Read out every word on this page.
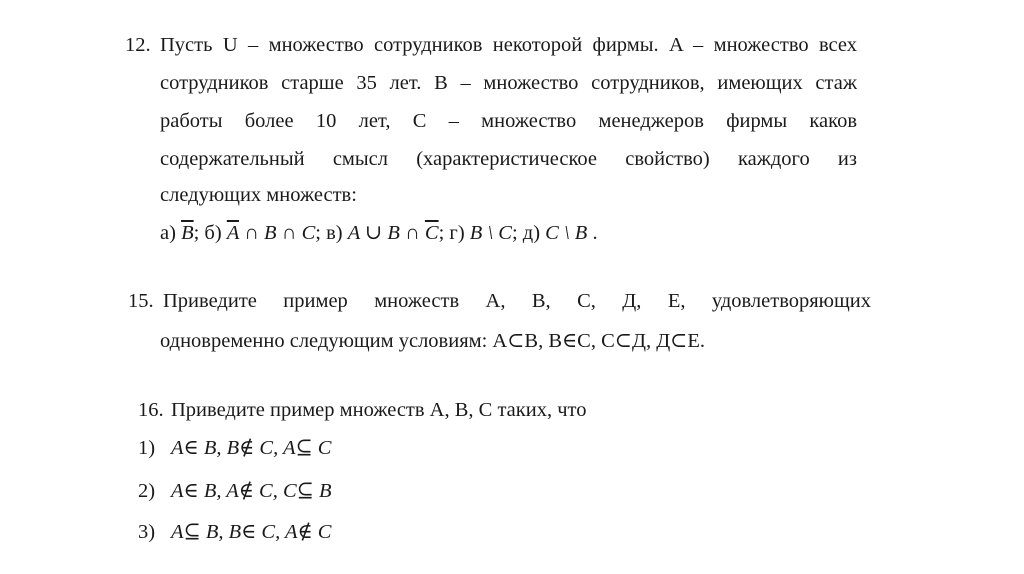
12. Пусть U – множество сотрудников некоторой фирмы. A – множество всех
сотрудников старше 35 лет. B – множество сотрудников, имеющих стаж
работы более 10 лет, C – множество менеджеров фирмы каков
содержательный смысл (характеристическое свойство) каждого из
следующих множеств:
а) $\overline{B}$; б) $\overline{A}$ ∩ B ∩ C; в) A ∪ B ∩ $\overline{C}$; г) B \ C; д) C \ B .
15. Приведите пример множеств А, В, С, Д, Е, удовлетворяющих
одновременно следующим условиям: А⊂В, В∈С, С⊂Д, Д⊂Е.
16. Приведите пример множеств А, В, С таких, что
1) A∈ B, B∉ C, A⊆ C
2) A∈ B, A∉ C, C⊆ B
3) A⊆ B, B∈ C, A∉ C
